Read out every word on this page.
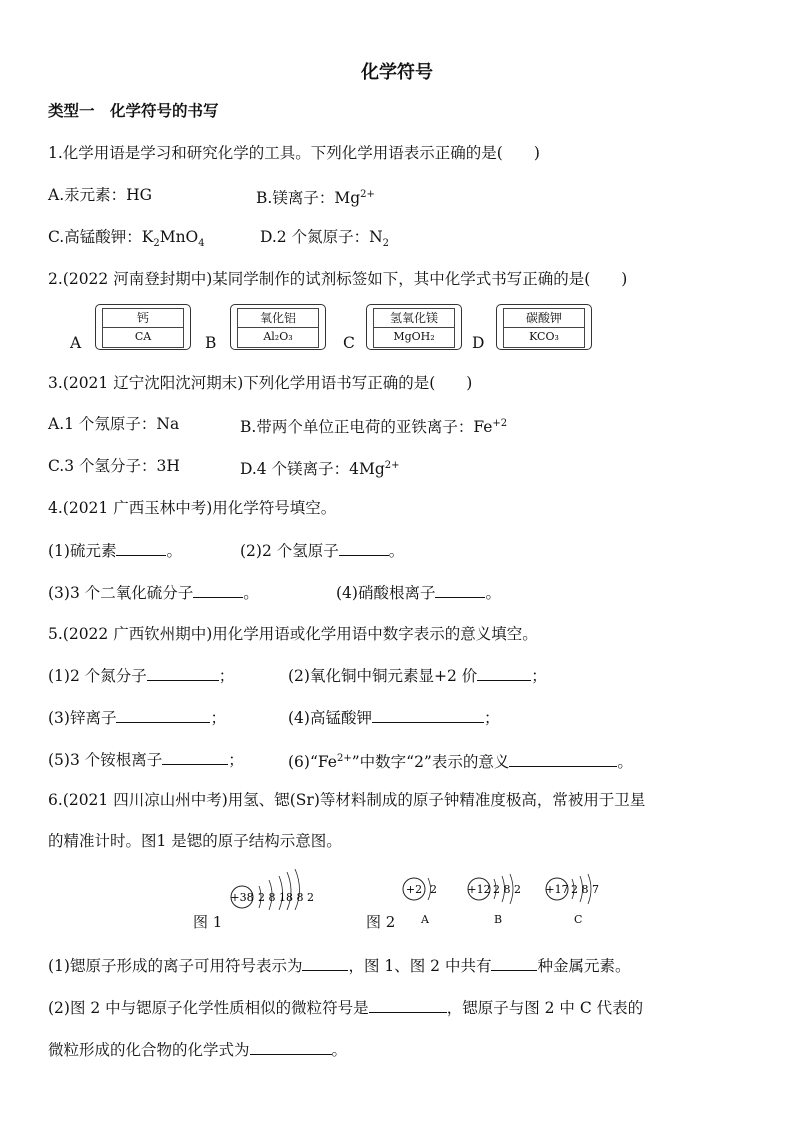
化学符号
类型一　化学符号的书写
1.化学用语是学习和研究化学的工具。下列化学用语表示正确的是(　　)
A.汞元素：HG	B.镁离子：$Mg^{2+}$
C.高锰酸钾：$K_2MnO_4$	D.2 个氮原子：$N_2$
2.(2022 河南登封期中)某同学制作的试剂标签如下，其中化学式书写正确的是(　　)
A
钙
CA	B
氧化铝
Al₂O₃	C
氢氧化镁
MgOH₂	D
碳酸钾
KCO₃
3.(2021 辽宁沈阳沈河期末)下列化学用语书写正确的是(　　)
A.1 个氖原子：Na	B.带两个单位正电荷的亚铁离子：$Fe^{+2}$
C.3 个氢分子：3H	D.4 个镁离子：$4Mg^{2+}$
4.(2021 广西玉林中考)用化学符号填空。
(1)硫元素	。	(2)2 个氢原子	。
(3)3 个二氧化硫分子	。	(4)硝酸根离子	。
5.(2022 广西钦州期中)用化学用语或化学用语中数字表示的意义填空。
(1)2 个氮分子	；	(2)氧化铜中铜元素显+2 价	；
(3)锌离子	；	(4)高锰酸钾	；
(5)3 个铵根离子	；	$(6)“Fe^{2+}$”中数字“2”表示的意义	。
6.(2021 四川凉山州中考)用氢、锶(Sr)等材料制成的原子钟精准度极高，常被用于卫星
的精准计时。图1 是锶的原子结构示意图。
+38 2 8 18 8 2
图 1
+2 2
A
+12 2 8 2
B
+17 2 8 7
C
图 2
(1)锶原子形成的离子可用符号表示为	，图 1、图 2 中共有	种金属元素。
(2)图 2 中与锶原子化学性质相似的微粒符号是	，锶原子与图 2 中 C 代表的
微粒形成的化合物的化学式为	。
